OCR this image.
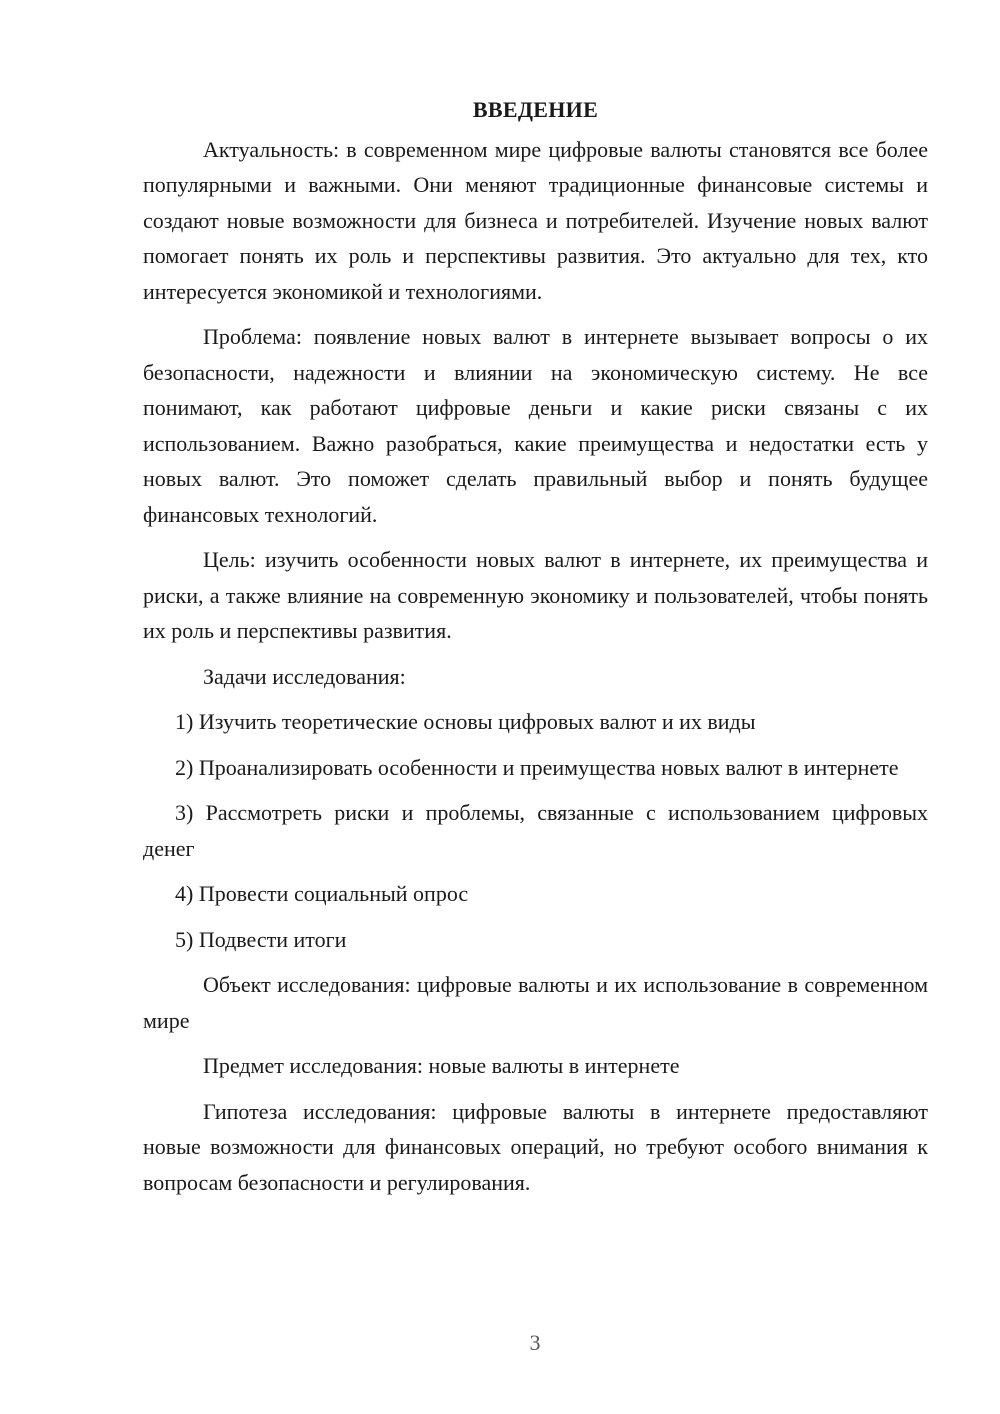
ВВЕДЕНИЕ

Актуальность: в современном мире цифровые валюты становятся все более популярными и важными. Они меняют традиционные финансовые системы и создают новые возможности для бизнеса и потребителей. Изучение новых валют помогает понять их роль и перспективы развития. Это актуально для тех, кто интересуется экономикой и технологиями.

Проблема: появление новых валют в интернете вызывает вопросы о их безопасности, надежности и влиянии на экономическую систему. Не все понимают, как работают цифровые деньги и какие риски связаны с их использованием. Важно разобраться, какие преимущества и недостатки есть у новых валют. Это поможет сделать правильный выбор и понять будущее финансовых технологий.

Цель: изучить особенности новых валют в интернете, их преимущества и риски, а также влияние на современную экономику и пользователей, чтобы понять их роль и перспективы развития.

Задачи исследования:

1) Изучить теоретические основы цифровых валют и их виды

2) Проанализировать особенности и преимущества новых валют в интернете

3) Рассмотреть риски и проблемы, связанные с использованием цифровых денег

4) Провести социальный опрос

5) Подвести итоги

Объект исследования: цифровые валюты и их использование в современном мире

Предмет исследования: новые валюты в интернете

Гипотеза исследования: цифровые валюты в интернете предоставляют новые возможности для финансовых операций, но требуют особого внимания к вопросам безопасности и регулирования.

3
